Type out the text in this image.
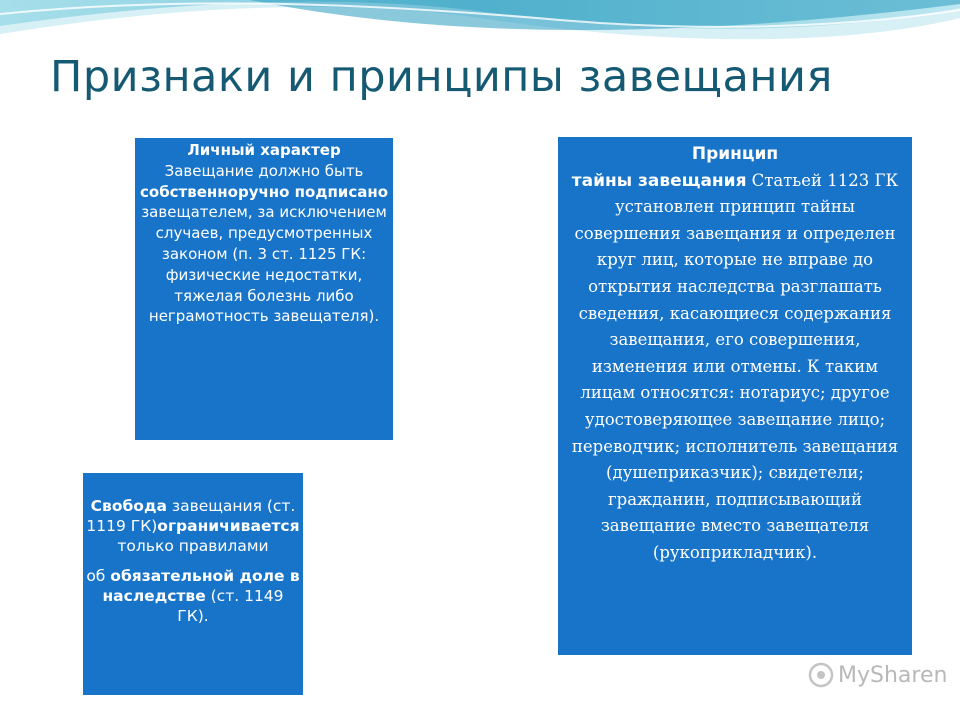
Признаки и принципы завещания
Личный характер
Завещание должно быть
собственноручно подписано
завещателем, за исключением случаев, предусмотренных законом (п. 3 ст. 1125 ГК: физические недостатки, тяжелая болезнь либо неграмотность завещателя).
Принцип
тайны завещания Статьей 1123 ГК установлен принцип тайны совершения завещания и определен круг лиц, которые не вправе до открытия наследства разглашать сведения, касающиеся содержания завещания, его совершения, изменения или отмены. К таким лицам относятся: нотариус; другое удостоверяющее завещание лицо; переводчик; исполнитель завещания (душеприказчик); свидетели; гражданин, подписывающий завещание вместо завещателя (рукоприкладчик).
Свобода завещания (ст. 1119 ГК)ограничивается только правилами
об обязательной доле в наследстве (ст. 1149 ГК).
MySharen
